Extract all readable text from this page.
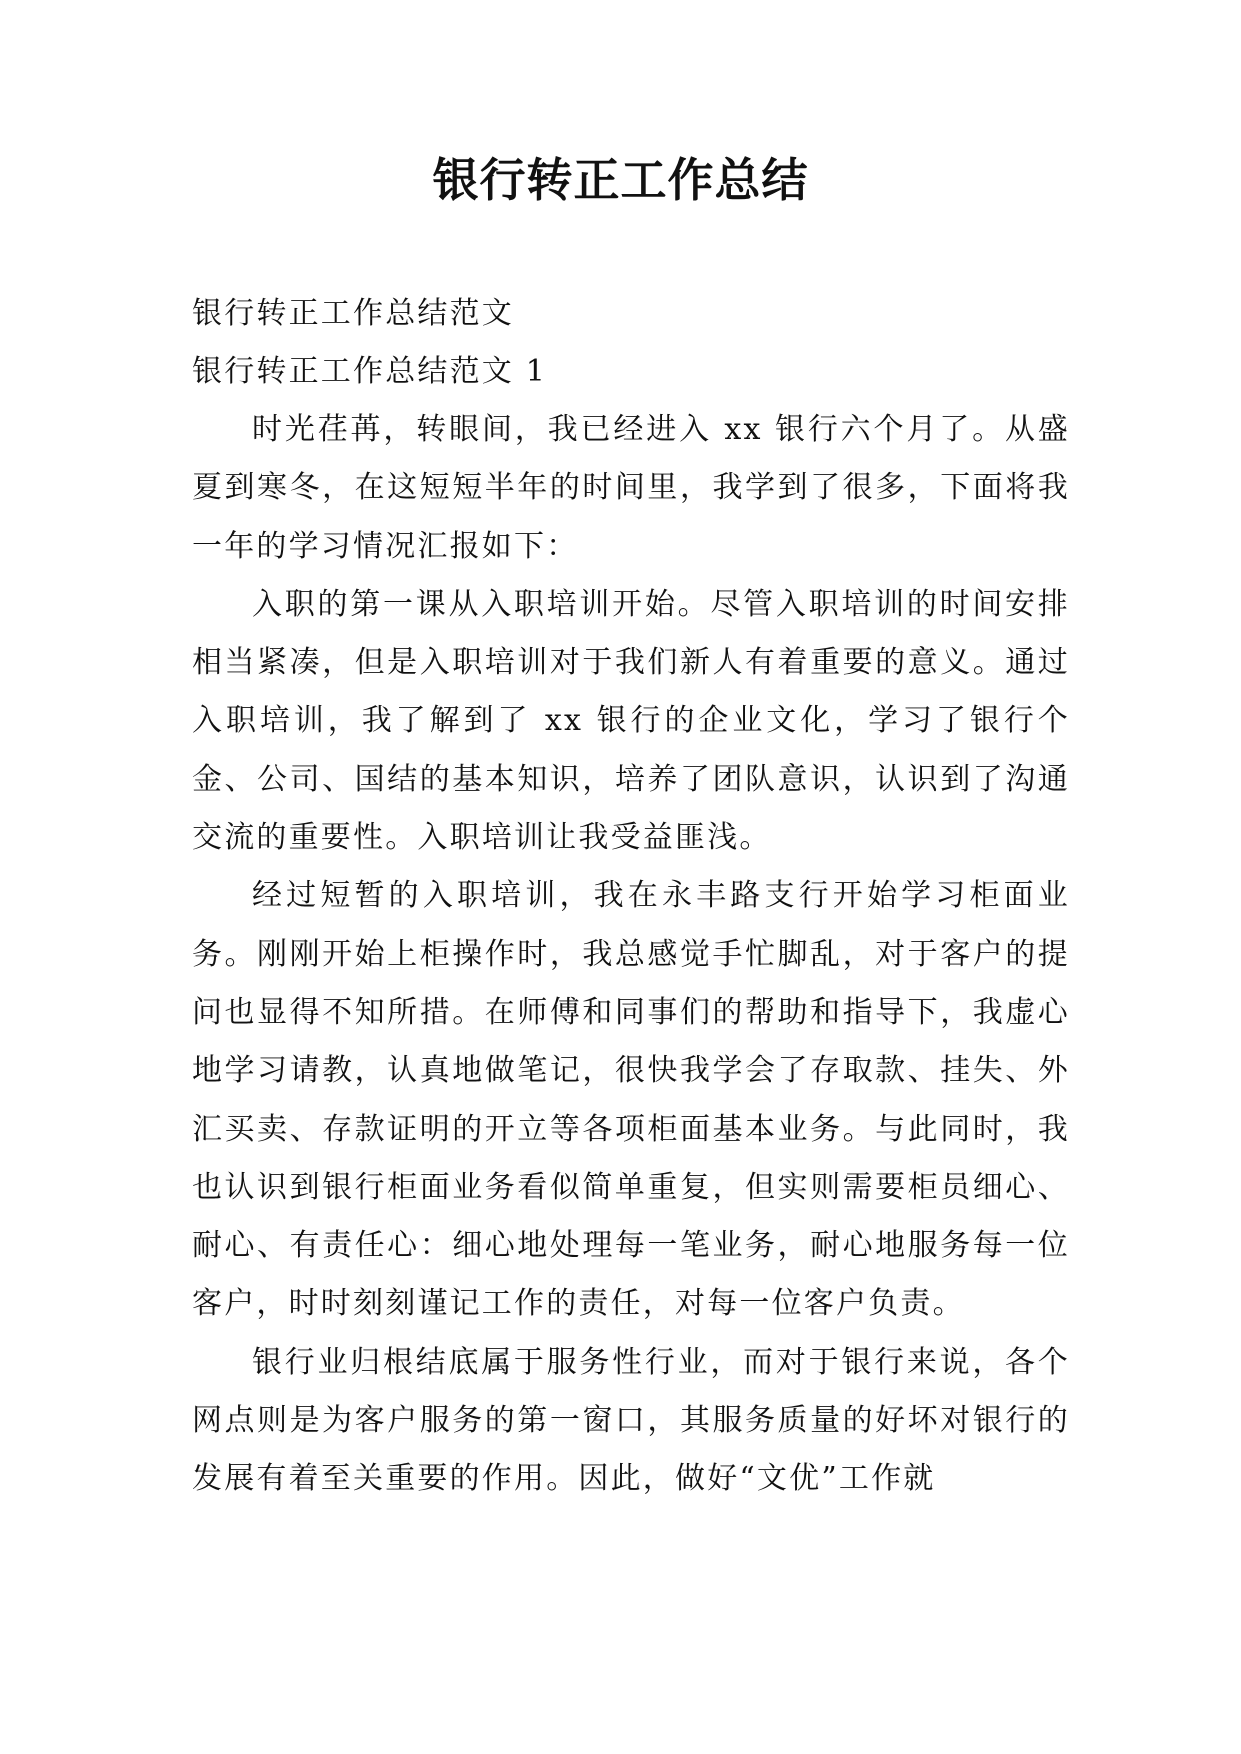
银行转正工作总结

银行转正工作总结范文

银行转正工作总结范文 1

时光荏苒，转眼间，我已经进入 xx 银行六个月了。从盛夏到寒冬，在这短短半年的时间里，我学到了很多，下面将我一年的学习情况汇报如下：

入职的第一课从入职培训开始。尽管入职培训的时间安排相当紧凑，但是入职培训对于我们新人有着重要的意义。通过入职培训，我了解到了 xx 银行的企业文化，学习了银行个金、公司、国结的基本知识，培养了团队意识，认识到了沟通交流的重要性。入职培训让我受益匪浅。

经过短暂的入职培训，我在永丰路支行开始学习柜面业务。刚刚开始上柜操作时，我总感觉手忙脚乱，对于客户的提问也显得不知所措。在师傅和同事们的帮助和指导下，我虚心地学习请教，认真地做笔记，很快我学会了存取款、挂失、外汇买卖、存款证明的开立等各项柜面基本业务。与此同时，我也认识到银行柜面业务看似简单重复，但实则需要柜员细心、耐心、有责任心：细心地处理每一笔业务，耐心地服务每一位客户，时时刻刻谨记工作的责任，对每一位客户负责。

银行业归根结底属于服务性行业，而对于银行来说，各个网点则是为客户服务的第一窗口，其服务质量的好坏对银行的发展有着至关重要的作用。因此，做好“文优”工作就
